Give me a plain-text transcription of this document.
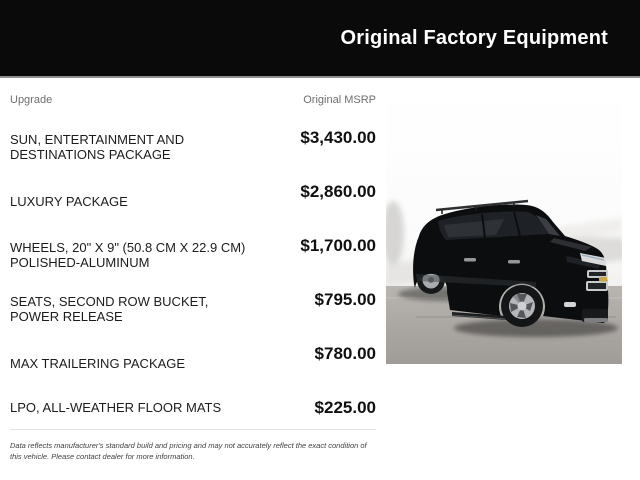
Original Factory Equipment
Upgrade	Original MSRP
SUN, ENTERTAINMENT AND DESTINATIONS PACKAGE
$3,430.00
LUXURY PACKAGE
$2,860.00
WHEELS, 20" X 9" (50.8 CM X 22.9 CM) POLISHED-ALUMINUM
$1,700.00
SEATS, SECOND ROW BUCKET, POWER RELEASE
$795.00
MAX TRAILERING PACKAGE
$780.00
LPO, ALL-WEATHER FLOOR MATS	$225.00
Data reflects manufacturer's standard build and pricing and may not accurately reflect the exact condition of this vehicle. Please contact dealer for more information.
